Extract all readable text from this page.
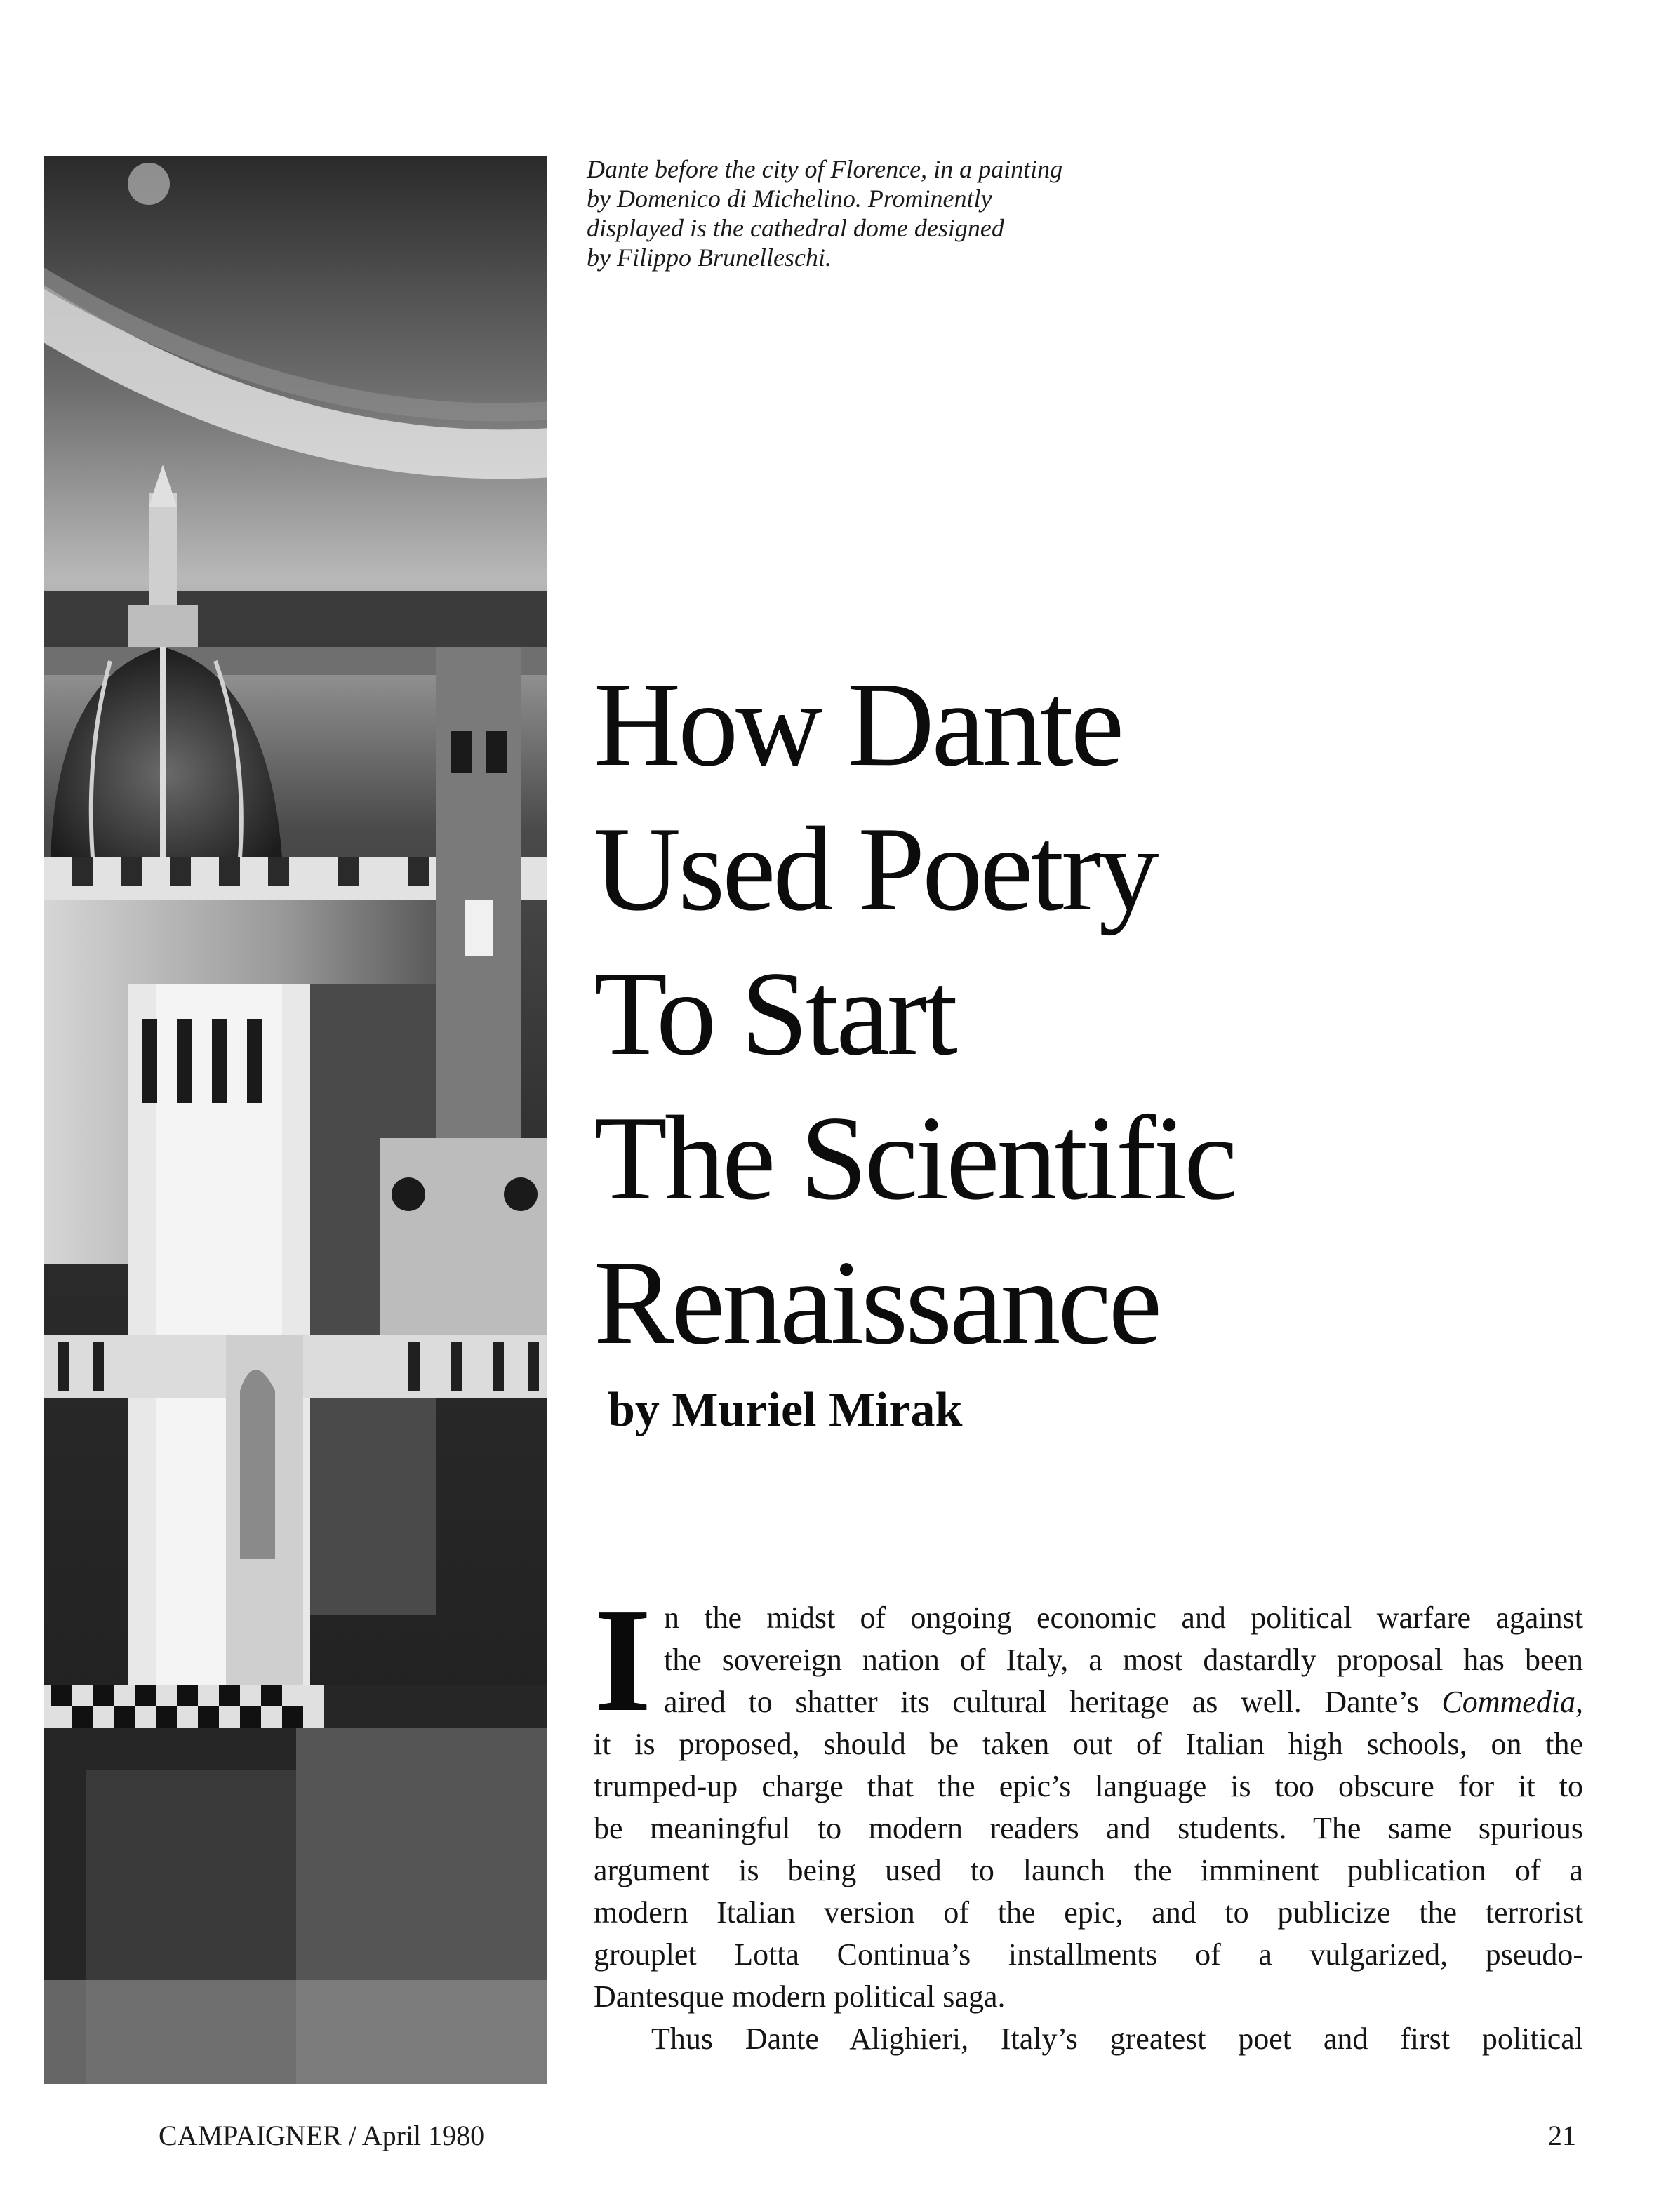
Dante before the city of Florence, in a painting
by Domenico di Michelino. Prominently
displayed is the cathedral dome designed
by Filippo Brunelleschi.
How Dante
Used Poetry
To Start
The Scientific
Renaissance
by Muriel Mirak
I n the midst of ongoing economic and political warfare against
the sovereign nation of Italy, a most dastardly proposal has been
aired to shatter its cultural heritage as well. Dante’s Commedia,
it is proposed, should be taken out of Italian high schools, on the
trumped-up charge that the epic’s language is too obscure for it to
be meaningful to modern readers and students. The same spurious
argument is being used to launch the imminent publication of a
modern Italian version of the epic, and to publicize the terrorist
grouplet Lotta Continua’s installments of a vulgarized, pseudo-
Dantesque modern political saga.
Thus Dante Alighieri, Italy’s greatest poet and first political
CAMPAIGNER / April 1980	21
